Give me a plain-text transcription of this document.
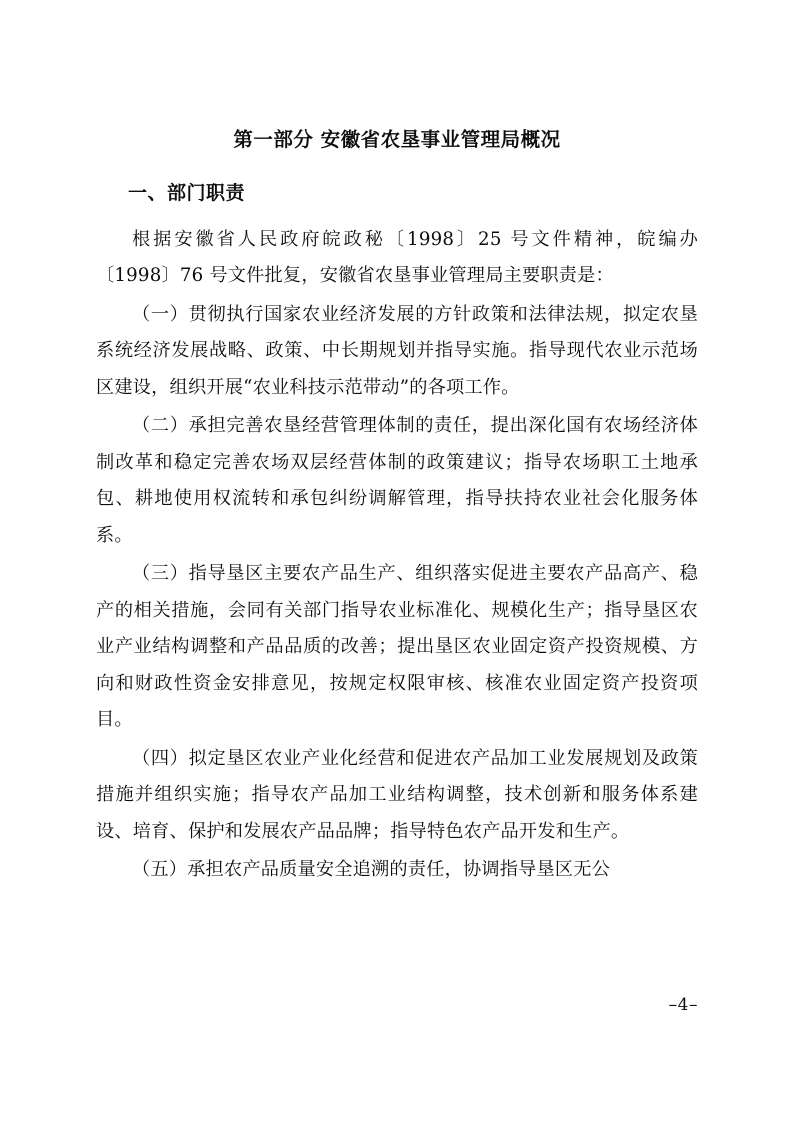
第一部分 安徽省农垦事业管理局概况
一、部门职责

根据安徽省人民政府皖政秘〔1998〕25 号文件精神，皖编办〔1998〕76 号文件批复，安徽省农垦事业管理局主要职责是：

（一）贯彻执行国家农业经济发展的方针政策和法律法规，拟定农垦系统经济发展战略、政策、中长期规划并指导实施。指导现代农业示范场区建设，组织开展“农业科技示范带动”的各项工作。

（二）承担完善农垦经营管理体制的责任，提出深化国有农场经济体制改革和稳定完善农场双层经营体制的政策建议；指导农场职工土地承包、耕地使用权流转和承包纠纷调解管理，指导扶持农业社会化服务体系。

（三）指导垦区主要农产品生产、组织落实促进主要农产品高产、稳产的相关措施，会同有关部门指导农业标准化、规模化生产；指导垦区农业产业结构调整和产品品质的改善；提出垦区农业固定资产投资规模、方向和财政性资金安排意见，按规定权限审核、核准农业固定资产投资项目。

（四）拟定垦区农业产业化经营和促进农产品加工业发展规划及政策措施并组织实施；指导农产品加工业结构调整，技术创新和服务体系建设、培育、保护和发展农产品品牌；指导特色农产品开发和生产。

（五）承担农产品质量安全追溯的责任，协调指导垦区无公

–4–
